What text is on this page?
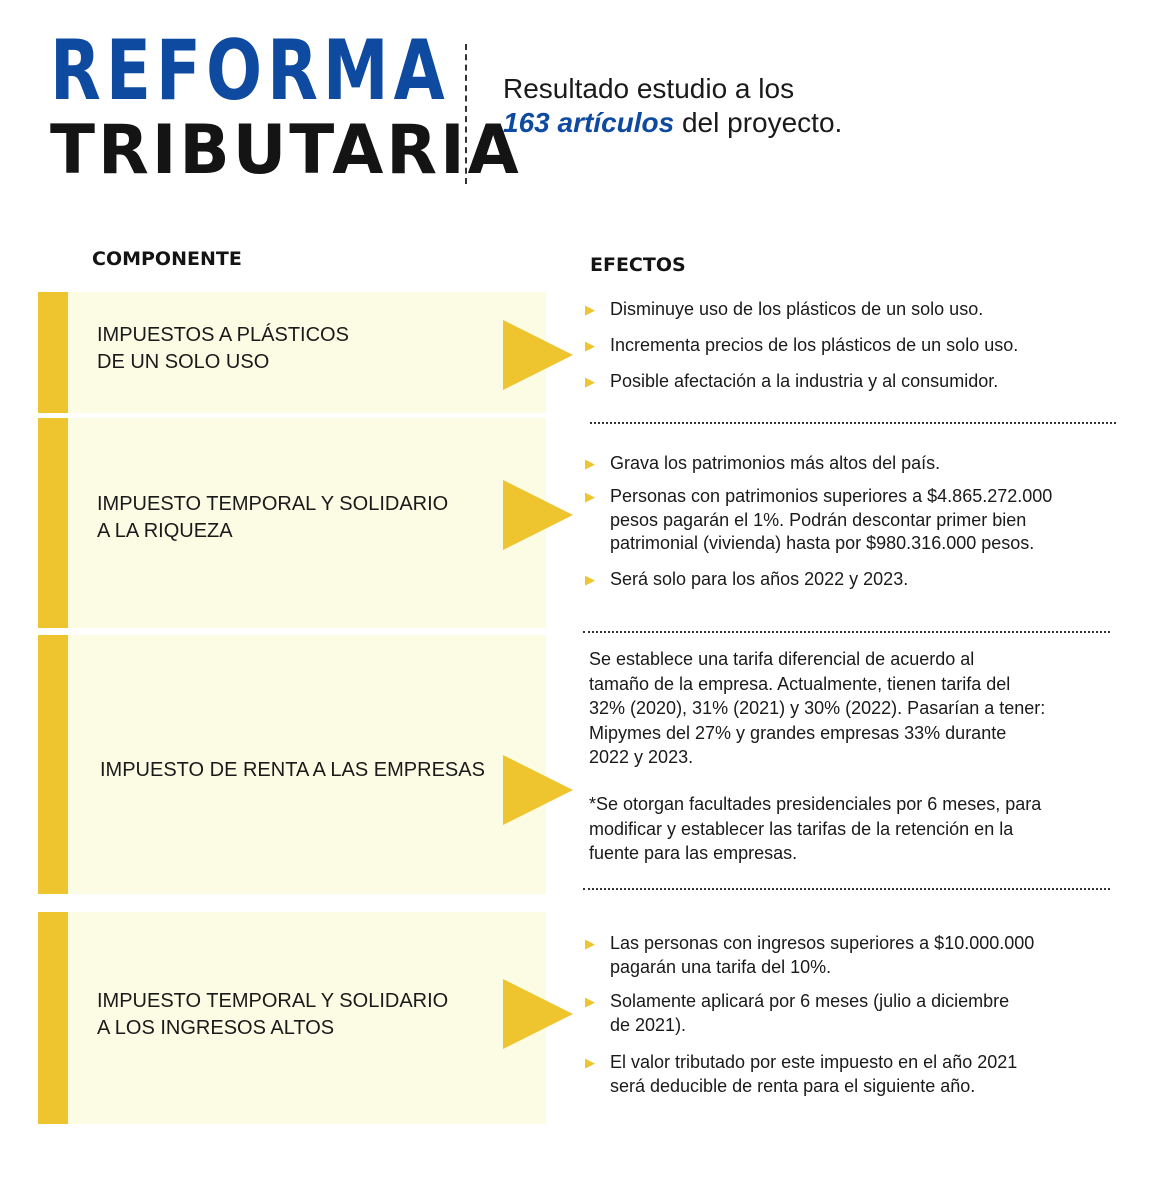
REFORMA
TRIBUTARIA
Resultado estudio a los
163 artículos del proyecto.
COMPONENTE	EFECTOS
IMPUESTOS A PLÁSTICOS
DE UN SOLO USO
▶ Disminuye uso de los plásticos de un solo uso.
▶ Incrementa precios de los plásticos de un solo uso.
▶ Posible afectación a la industria y al consumidor.
IMPUESTO TEMPORAL Y SOLIDARIO
A LA RIQUEZA
▶ Grava los patrimonios más altos del país.
▶ Personas con patrimonios superiores a $4.865.272.000
pesos pagarán el 1%. Podrán descontar primer bien
patrimonial (vivienda) hasta por $980.316.000 pesos.
▶ Será solo para los años 2022 y 2023.
IMPUESTO DE RENTA A LAS EMPRESAS
Se establece una tarifa diferencial de acuerdo al
tamaño de la empresa. Actualmente, tienen tarifa del
32% (2020), 31% (2021) y 30% (2022). Pasarían a tener:
Mipymes del 27% y grandes empresas 33% durante
2022 y 2023.
*Se otorgan facultades presidenciales por 6 meses, para
modificar y establecer las tarifas de la retención en la
fuente para las empresas.
IMPUESTO TEMPORAL Y SOLIDARIO
A LOS INGRESOS ALTOS
▶ Las personas con ingresos superiores a $10.000.000
pagarán una tarifa del 10%.
▶ Solamente aplicará por 6 meses (julio a diciembre
de 2021).
▶ El valor tributado por este impuesto en el año 2021
será deducible de renta para el siguiente año.
